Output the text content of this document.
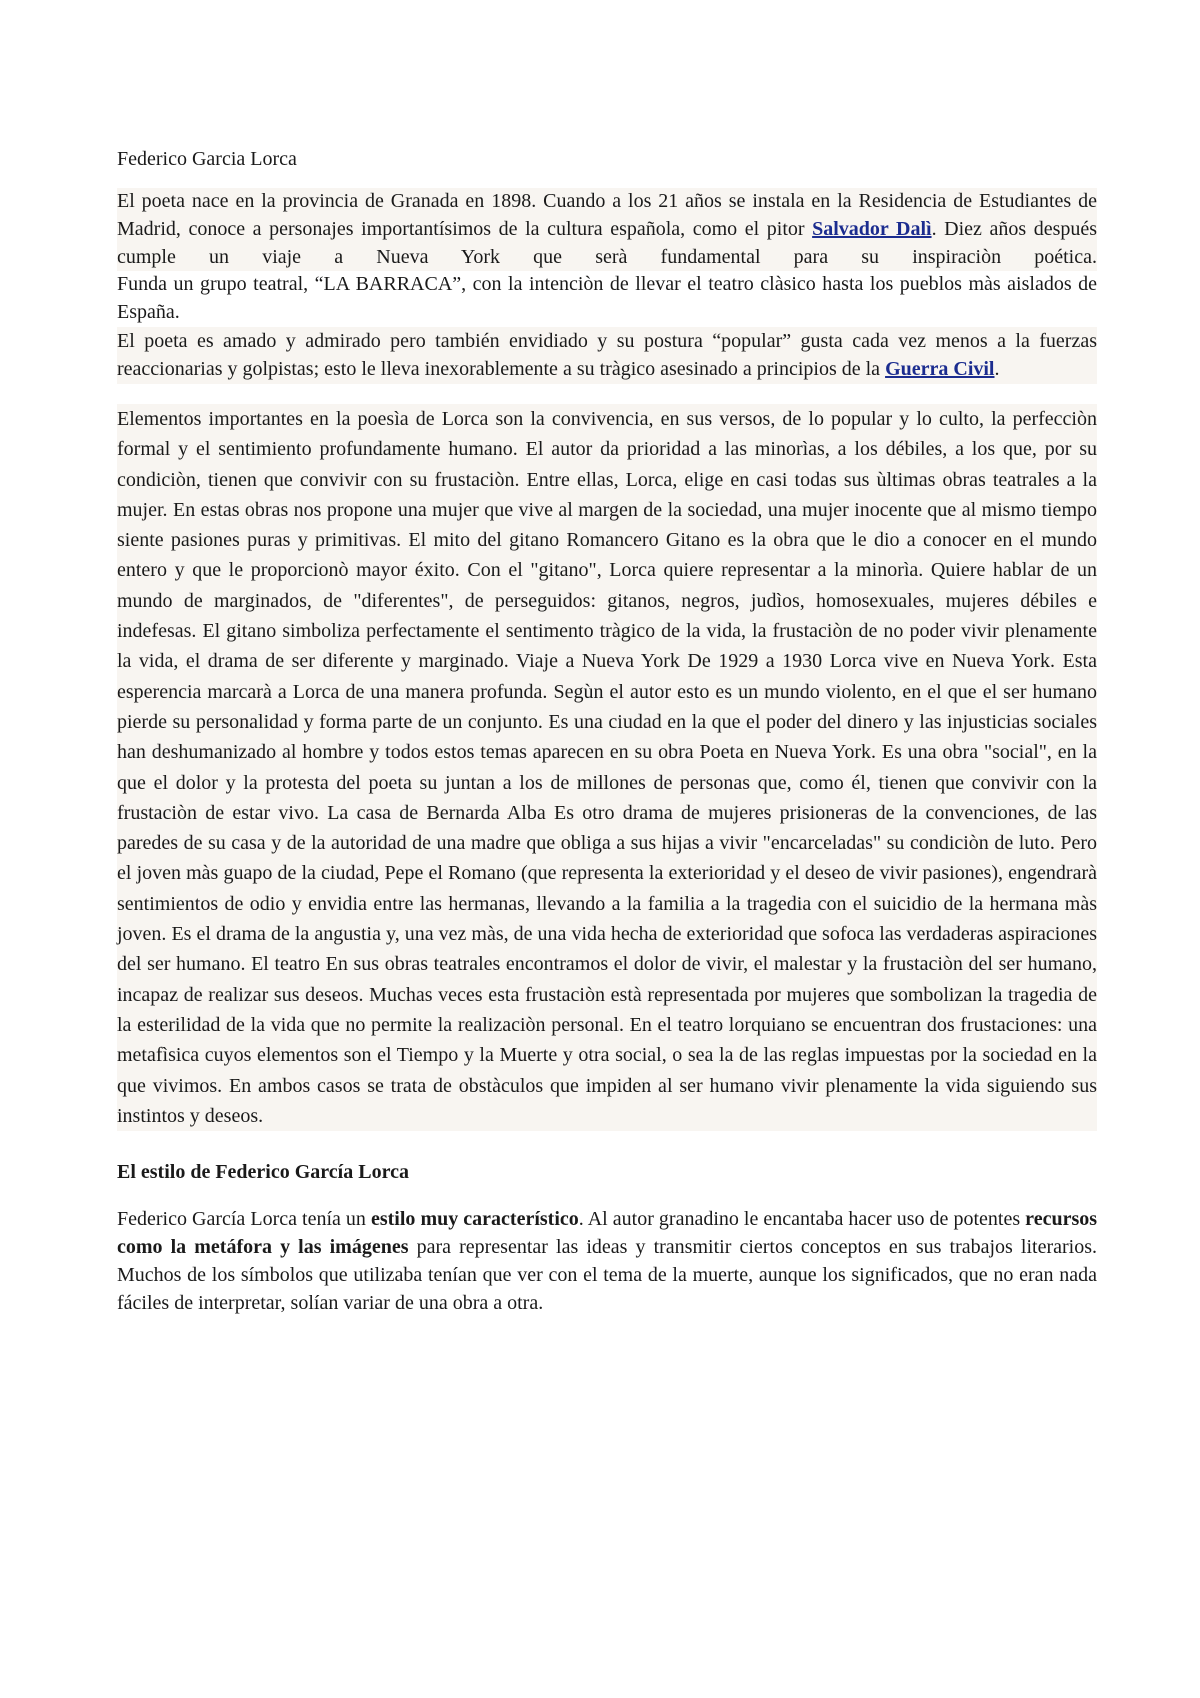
Federico Garcia Lorca
El poeta nace en la provincia de Granada en 1898. Cuando a los 21 años se instala en la Residencia de Estudiantes de Madrid, conoce a personajes importantísimos de la cultura española, como el pitor Salvador Dalì. Diez años después cumple un viaje a Nueva York que serà fundamental para su inspiraciòn poética.
Funda un grupo teatral, “LA BARRACA”, con la intenciòn de llevar el teatro clàsico hasta los pueblos màs aislados de España.
El poeta es amado y admirado pero también envidiado y su postura “popular” gusta cada vez menos a la fuerzas reaccionarias y golpistas; esto le lleva inexorablemente a su tràgico asesinado a principios de la Guerra Civil.
Elementos importantes en la poesìa de Lorca son la convivencia, en sus versos, de lo popular y lo culto, la perfecciòn formal y el sentimiento profundamente humano. El autor da prioridad a las minorìas, a los débiles, a los que, por su condiciòn, tienen que convivir con su frustaciòn. Entre ellas, Lorca, elige en casi todas sus ùltimas obras teatrales a la mujer. En estas obras nos propone una mujer que vive al margen de la sociedad, una mujer inocente que al mismo tiempo siente pasiones puras y primitivas. El mito del gitano Romancero Gitano es la obra que le dio a conocer en el mundo entero y que le proporcionò mayor éxito. Con el "gitano", Lorca quiere representar a la minorìa. Quiere hablar de un mundo de marginados, de "diferentes", de perseguidos: gitanos, negros, judìos, homosexuales, mujeres débiles e indefesas. El gitano simboliza perfectamente el sentimento tràgico de la vida, la frustaciòn de no poder vivir plenamente la vida, el drama de ser diferente y marginado. Viaje a Nueva York De 1929 a 1930 Lorca vive en Nueva York. Esta esperencia marcarà a Lorca de una manera profunda. Segùn el autor esto es un mundo violento, en el que el ser humano pierde su personalidad y forma parte de un conjunto. Es una ciudad en la que el poder del dinero y las injusticias sociales han deshumanizado al hombre y todos estos temas aparecen en su obra Poeta en Nueva York. Es una obra "social", en la que el dolor y la protesta del poeta su juntan a los de millones de personas que, como él, tienen que convivir con la frustaciòn de estar vivo. La casa de Bernarda Alba Es otro drama de mujeres prisioneras de la convenciones, de las paredes de su casa y de la autoridad de una madre que obliga a sus hijas a vivir "encarceladas" su condiciòn de luto. Pero el joven màs guapo de la ciudad, Pepe el Romano (que representa la exterioridad y el deseo de vivir pasiones), engendrarà sentimientos de odio y envidia entre las hermanas, llevando a la familia a la tragedia con el suicidio de la hermana màs joven. Es el drama de la angustia y, una vez màs, de una vida hecha de exterioridad que sofoca las verdaderas aspiraciones del ser humano. El teatro En sus obras teatrales encontramos el dolor de vivir, el malestar y la frustaciòn del ser humano, incapaz de realizar sus deseos. Muchas veces esta frustaciòn està representada por mujeres que sombolizan la tragedia de la esterilidad de la vida que no permite la realizaciòn personal. En el teatro lorquiano se encuentran dos frustaciones: una metafìsica cuyos elementos son el Tiempo y la Muerte y otra social, o sea la de las reglas impuestas por la sociedad en la que vivimos. En ambos casos se trata de obstàculos que impiden al ser humano vivir plenamente la vida siguiendo sus instintos y deseos.
El estilo de Federico García Lorca
Federico García Lorca tenía un estilo muy característico. Al autor granadino le encantaba hacer uso de potentes recursos como la metáfora y las imágenes para representar las ideas y transmitir ciertos conceptos en sus trabajos literarios. Muchos de los símbolos que utilizaba tenían que ver con el tema de la muerte, aunque los significados, que no eran nada fáciles de interpretar, solían variar de una obra a otra.
